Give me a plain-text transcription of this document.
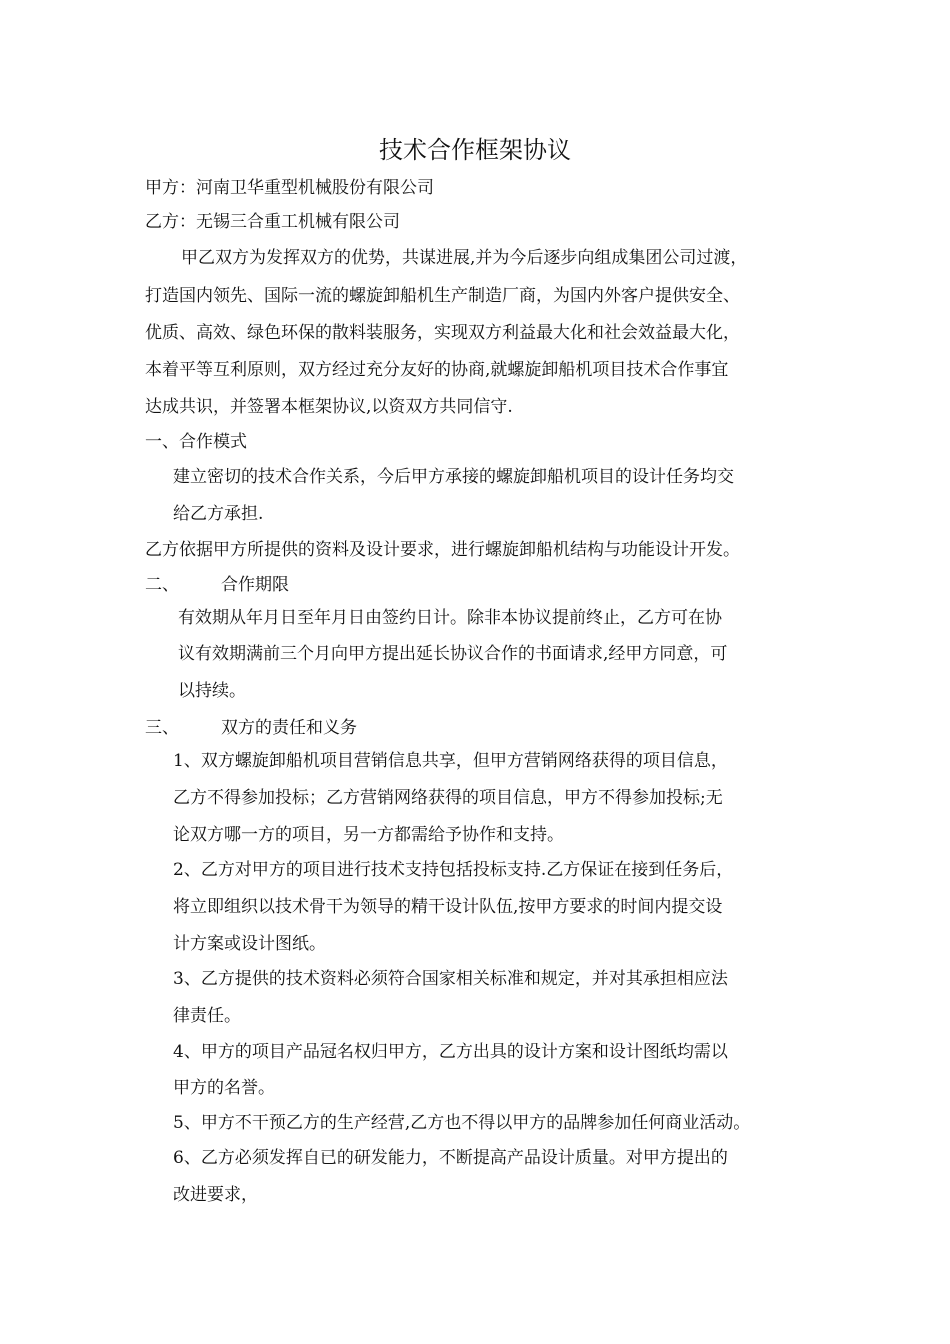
技术合作框架协议
甲方：河南卫华重型机械股份有限公司
乙方：无锡三合重工机械有限公司
甲乙双方为发挥双方的优势，共谋进展,并为今后逐步向组成集团公司过渡，
打造国内领先、国际一流的螺旋卸船机生产制造厂商，为国内外客户提供安全、
优质、高效、绿色环保的散料装服务，实现双方利益最大化和社会效益最大化，
本着平等互利原则，双方经过充分友好的协商,就螺旋卸船机项目技术合作事宜
达成共识，并签署本框架协议,以资双方共同信守.
一、合作模式
建立密切的技术合作关系，今后甲方承接的螺旋卸船机项目的设计任务均交
给乙方承担.
乙方依据甲方所提供的资料及设计要求，进行螺旋卸船机结构与功能设计开发。
二、 合作期限
有效期从年月日至年月日由签约日计。除非本协议提前终止，乙方可在协
议有效期满前三个月向甲方提出延长协议合作的书面请求,经甲方同意，可
以持续。
三、 双方的责任和义务
1、双方螺旋卸船机项目营销信息共享，但甲方营销网络获得的项目信息，
乙方不得参加投标；乙方营销网络获得的项目信息，甲方不得参加投标;无
论双方哪一方的项目，另一方都需给予协作和支持。
2、乙方对甲方的项目进行技术支持包括投标支持.乙方保证在接到任务后，
将立即组织以技术骨干为领导的精干设计队伍,按甲方要求的时间内提交设
计方案或设计图纸。
3、乙方提供的技术资料必须符合国家相关标准和规定，并对其承担相应法
律责任。
4、甲方的项目产品冠名权归甲方，乙方出具的设计方案和设计图纸均需以
甲方的名誉。
5、甲方不干预乙方的生产经营,乙方也不得以甲方的品牌参加任何商业活动。
6、乙方必须发挥自已的研发能力，不断提高产品设计质量。对甲方提出的
改进要求，
